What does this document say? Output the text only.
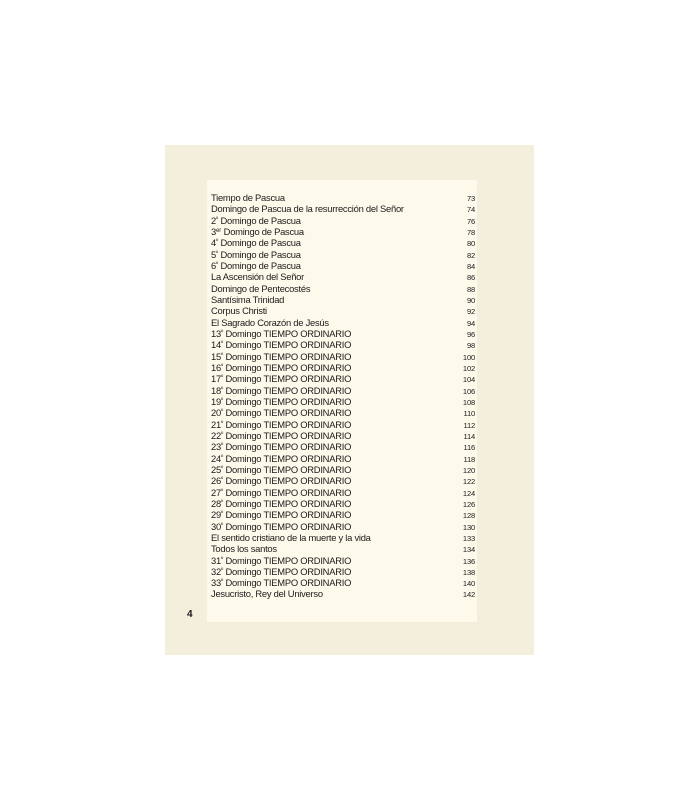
Tiempo de Pascua	73
Domingo de Pascua de la resurrección del Señor	74
$2^º$ Domingo de Pascua	76
3er Domingo de Pascua	78
$4^º$ Domingo de Pascua	80
$5^º$ Domingo de Pascua	82
$6^º$ Domingo de Pascua	84
La Ascensión del Señor	86
Domingo de Pentecostés	88
Santísima Trinidad	90
Corpus Christi	92
El Sagrado Corazón de Jesús	94
$13^º$ Domingo TIEMPO ORDINARIO	96
$14^º$ Domingo TIEMPO ORDINARIO	98
$15^º$ Domingo TIEMPO ORDINARIO	100
$16^º$ Domingo TIEMPO ORDINARIO	102
$17^º$ Domingo TIEMPO ORDINARIO	104
$18^º$ Domingo TIEMPO ORDINARIO	106
$19^º$ Domingo TIEMPO ORDINARIO	108
$20^º$ Domingo TIEMPO ORDINARIO	110
$21^º$ Domingo TIEMPO ORDINARIO	112
$22^º$ Domingo TIEMPO ORDINARIO	114
$23^º$ Domingo TIEMPO ORDINARIO	116
$24^º$ Domingo TIEMPO ORDINARIO	118
$25^º$ Domingo TIEMPO ORDINARIO	120
$26^º$ Domingo TIEMPO ORDINARIO	122
$27^º$ Domingo TIEMPO ORDINARIO	124
$28^º$ Domingo TIEMPO ORDINARIO	126
$29^º$ Domingo TIEMPO ORDINARIO	128
$30^º$ Domingo TIEMPO ORDINARIO	130
El sentido cristiano de la muerte y la vida	133
Todos los santos	134
$31^º$ Domingo TIEMPO ORDINARIO	136
$32^º$ Domingo TIEMPO ORDINARIO	138
$33^º$ Domingo TIEMPO ORDINARIO	140
Jesucristo, Rey del Universo	142
4
